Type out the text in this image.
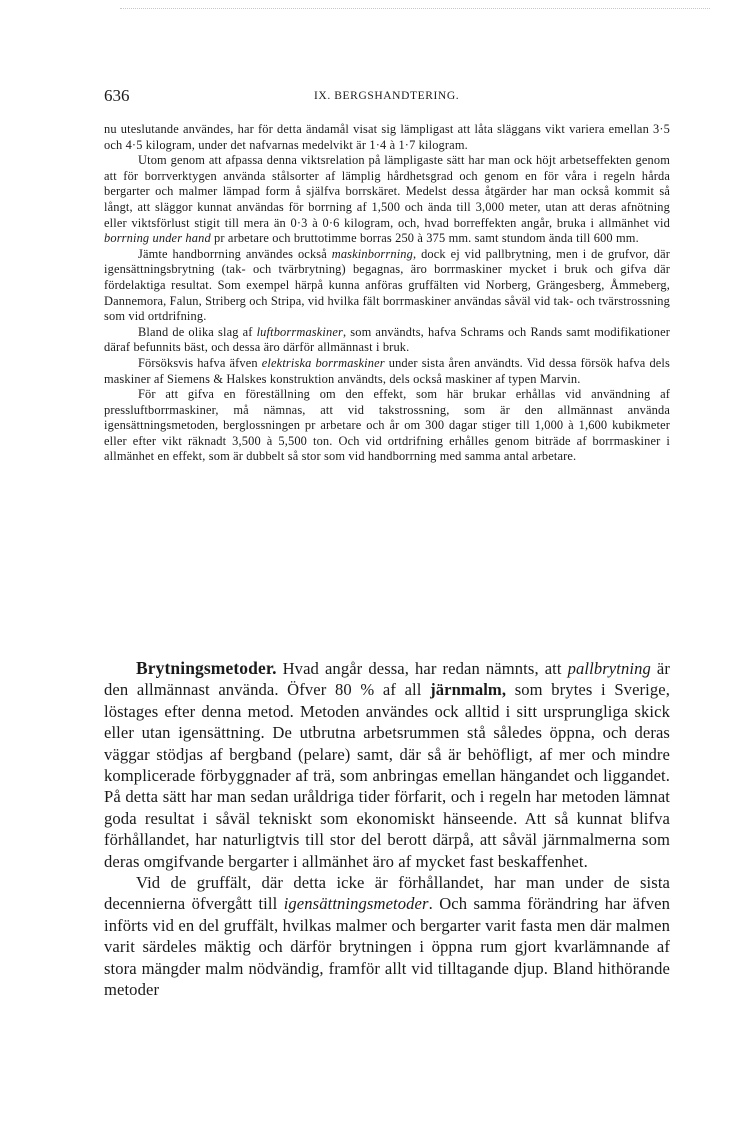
636	IX. BERGSHANDTERING.

nu uteslutande användes, har för detta ändamål visat sig lämpligast att låta släggans vikt variera emellan 3·5 och 4·5 kilogram, under det nafvarnas medelvikt är 1·4 à 1·7 kilogram.

Utom genom att afpassa denna viktsrelation på lämpligaste sätt har man ock höjt arbetseffekten genom att för borrverktygen använda stålsorter af lämplig hårdhetsgrad och genom en för våra i regeln hårda bergarter och malmer lämpad form å själfva borrskäret. Medelst dessa åtgärder har man också kommit så långt, att släggor kunnat användas för borrning af 1,500 och ända till 3,000 meter, utan att deras afnötning eller viktsförlust stigit till mera än 0·3 à 0·6 kilogram, och, hvad borreffekten angår, bruka i allmänhet vid borrning under hand pr arbetare och bruttotimme borras 250 à 375 mm. samt stundom ända till 600 mm.

Jämte handborrning användes också maskinborrning, dock ej vid pallbrytning, men i de grufvor, där igensättningsbrytning (tak- och tvärbrytning) begagnas, äro borrmaskiner mycket i bruk och gifva där fördelaktiga resultat. Som exempel härpå kunna anföras gruffälten vid Norberg, Grängesberg, Åmmeberg, Dannemora, Falun, Striberg och Stripa, vid hvilka fält borrmaskiner användas såväl vid tak- och tvärstrossning som vid ortdrifning.

Bland de olika slag af luftborrmaskiner, som användts, hafva Schrams och Rands samt modifikationer däraf befunnits bäst, och dessa äro därför allmännast i bruk.

Försöksvis hafva äfven elektriska borrmaskiner under sista åren användts. Vid dessa försök hafva dels maskiner af Siemens & Halskes konstruktion användts, dels också maskiner af typen Marvin.

För att gifva en föreställning om den effekt, som här brukar erhållas vid användning af pressluftborrmaskiner, må nämnas, att vid takstrossning, som är den allmännast använda igensättningsmetoden, berglossningen pr arbetare och år om 300 dagar stiger till 1,000 à 1,600 kubikmeter eller efter vikt räknadt 3,500 à 5,500 ton. Och vid ortdrifning erhålles genom biträde af borrmaskiner i allmänhet en effekt, som är dubbelt så stor som vid handborrning med samma antal arbetare.

Brytningsmetoder. Hvad angår dessa, har redan nämnts, att pallbrytning är den allmännast använda. Öfver 80 % af all järnmalm, som brytes i Sverige, löstages efter denna metod. Metoden användes ock alltid i sitt ursprungliga skick eller utan igensättning. De utbrutna arbetsrummen stå således öppna, och deras väggar stödjas af bergband (pelare) samt, där så är behöfligt, af mer och mindre komplicerade förbyggnader af trä, som anbringas emellan hängandet och liggandet. På detta sätt har man sedan uråldriga tider förfarit, och i regeln har metoden lämnat goda resultat i såväl tekniskt som ekonomiskt hänseende. Att så kunnat blifva förhållandet, har naturligtvis till stor del berott därpå, att såväl järnmalmerna som deras omgifvande bergarter i allmänhet äro af mycket fast beskaffenhet.

Vid de gruffält, där detta icke är förhållandet, har man under de sista decennierna öfvergått till igensättningsmetoder. Och samma förändring har äfven införts vid en del gruffält, hvilkas malmer och bergarter varit fasta men där malmen varit särdeles mäktig och därför brytningen i öppna rum gjort kvarlämnande af stora mängder malm nödvändig, framför allt vid tilltagande djup. Bland hithörande metoder
